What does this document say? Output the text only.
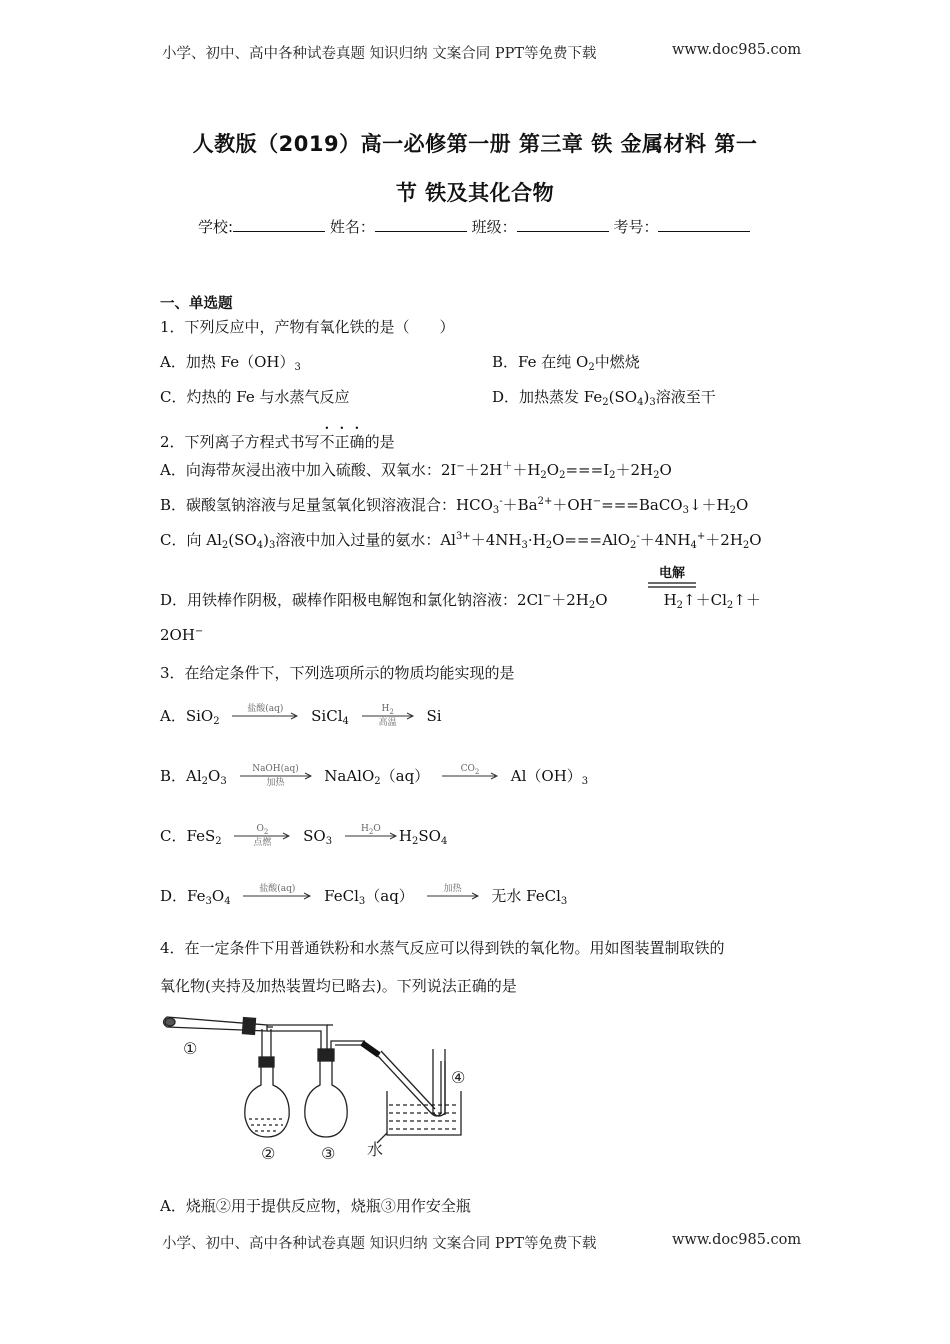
小学、初中、高中各种试卷真题 知识归纳 文案合同 PPT等免费下载	www.doc985.com
人教版（2019）高一必修第一册 第三章 铁 金属材料 第一
节 铁及其化合物
学校:	姓名：	班级：	考号：
一、单选题
1．下列反应中，产物有氧化铁的是（　　）
A．加热 $Fe(OH)_3$	B．Fe 在纯 $O_2$中燃烧
C．灼热的 Fe 与水蒸气反应	D．加热蒸发 $Fe_2(SO_4)_3$溶液至干
2．下列离子方程式书写不正确的是
A．向海带灰浸出液中加入硫酸、双氧水：$2I^-+2H^++H_2O_2===I_2+2H_2O$
B．碳酸氢钠溶液与足量氢氧化钡溶液混合：$HCO_3^-+Ba^{2+}+OH^-===BaCO_3↓+H_2O$
C．向 $Al_2(SO_4)_3$溶液中加入过量的氨水：$Al^{3+}+4NH_3\cdot H_2O===AlO_2^-+4NH_4^++2H_2O$
电解
D．用铁棒作阴极，碳棒作阳极电解饱和氯化钠溶液：$2Cl^-+2H_2O$	$H_2↑+Cl_2↑+$
2OH−
3．在给定条件下，下列选项所示的物质均能实现的是
A．SiO$_2$
盐酸(aq)	SiCl$_4$
$H_2$
高温	Si
B．$Al_2O_3$
NaOH(aq)
加热	NaAlO$_2$（aq）	$CO_2$	$Al(OH)_3$
C．FeS$_2$
$O_2$
点燃	$SO_3$
$H_2O$	$H_2SO_4$
D．$Fe_3O_4$
盐酸(aq)	FeCl$_3$（aq）	加热	无水 FeCl$_3$
4．在一定条件下用普通铁粉和水蒸气反应可以得到铁的氧化物。用如图装置制取铁的
氧化物(夹持及加热装置均已略去)。下列说法正确的是
①
②	③
④
水
A．烧瓶②用于提供反应物，烧瓶③用作安全瓶
小学、初中、高中各种试卷真题 知识归纳 文案合同 PPT等免费下载	www.doc985.com
